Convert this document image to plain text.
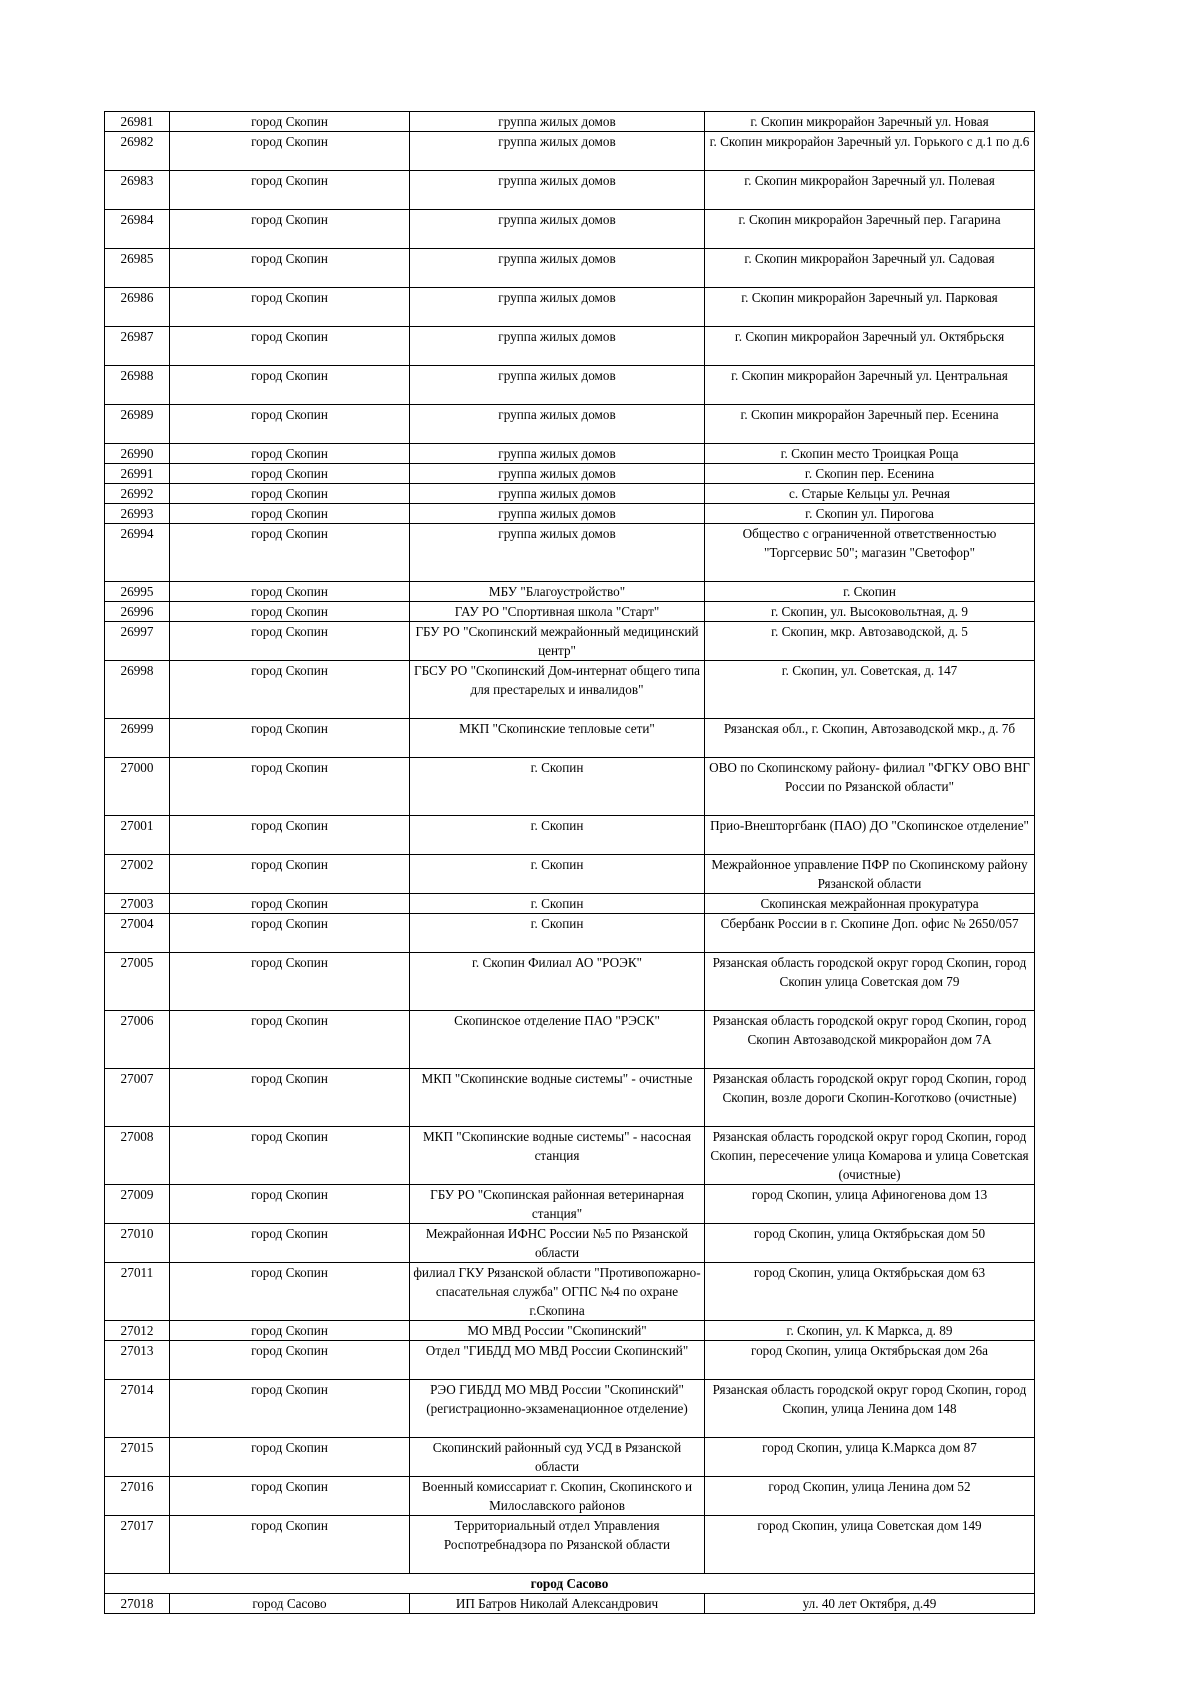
26981	город Скопин	группа жилых домов	г. Скопин микрорайон Заречный ул. Новая
26982	город Скопин	группа жилых домов	г. Скопин микрорайон Заречный ул. Горького с д.1 по д.6
26983	город Скопин	группа жилых домов	г. Скопин микрорайон Заречный ул. Полевая
26984	город Скопин	группа жилых домов	г. Скопин микрорайон Заречный пер. Гагарина
26985	город Скопин	группа жилых домов	г. Скопин микрорайон Заречный ул. Садовая
26986	город Скопин	группа жилых домов	г. Скопин микрорайон Заречный ул. Парковая
26987	город Скопин	группа жилых домов	г. Скопин микрорайон Заречный ул. Октябрьскя
26988	город Скопин	группа жилых домов	г. Скопин микрорайон Заречный ул. Центральная
26989	город Скопин	группа жилых домов	г. Скопин микрорайон Заречный пер. Есенина
26990	город Скопин	группа жилых домов	г. Скопин место Троицкая Роща
26991	город Скопин	группа жилых домов	г. Скопин пер. Есенина
26992	город Скопин	группа жилых домов	с. Старые Кельцы ул. Речная
26993	город Скопин	группа жилых домов	г. Скопин ул. Пирогова
26994	город Скопин	группа жилых домов	Общество с ограниченной ответственностью "Торгсервис 50"; магазин "Светофор"
26995	город Скопин	МБУ "Благоустройство"	г. Скопин
26996	город Скопин	ГАУ РО "Спортивная школа "Старт"	г. Скопин, ул. Высоковольтная, д. 9
26997	город Скопин	ГБУ РО "Скопинский межрайонный медицинский центр"	г. Скопин, мкр. Автозаводской, д. 5
26998	город Скопин	ГБСУ РО "Скопинский Дом-интернат общего типа для престарелых и инвалидов"	г. Скопин, ул. Советская, д. 147
26999	город Скопин	МКП "Скопинские тепловые сети"	Рязанская обл., г. Скопин, Автозаводской мкр., д. 7б
27000	город Скопин	г. Скопин	ОВО по Скопинскому району- филиал "ФГКУ ОВО ВНГ России по Рязанской области"
27001	город Скопин	г. Скопин	Прио-Внешторгбанк (ПАО) ДО "Скопинское отделение"
27002	город Скопин	г. Скопин	Межрайонное управление ПФР по Скопинскому району Рязанской области
27003	город Скопин	г. Скопин	Скопинская межрайонная прокуратура
27004	город Скопин	г. Скопин	Сбербанк России в г. Скопине Доп. офис № 2650/057
27005	город Скопин	г. Скопин Филиал АО "РОЭК"	Рязанская область городской округ город Скопин, город Скопин улица Советская дом 79
27006	город Скопин	Скопинское отделение ПАО "РЭСК"	Рязанская область городской округ город Скопин, город Скопин Автозаводской микрорайон дом 7А
27007	город Скопин	МКП "Скопинские водные системы" - очистные	Рязанская область городской округ город Скопин, город Скопин, возле дороги Скопин-Коготково (очистные)
27008	город Скопин	МКП "Скопинские водные системы" - насосная станция	Рязанская область городской округ город Скопин, город Скопин, пересечение улица Комарова и улица Советская (очистные)
27009	город Скопин	ГБУ РО "Скопинская районная ветеринарная станция"	город Скопин, улица Афиногенова дом 13
27010	город Скопин	Межрайонная ИФНС России №5 по Рязанской области	город Скопин, улица Октябрьская дом 50
27011	город Скопин	филиал ГКУ Рязанской области "Противопожарно-спасательная служба" ОГПС №4 по охране г.Скопина	город Скопин, улица Октябрьская дом 63
27012	город Скопин	МО МВД России "Скопинский"	г. Скопин, ул. К Маркса, д. 89
27013	город Скопин	Отдел "ГИБДД МО МВД России Скопинский"	город Скопин, улица Октябрьская дом 26а
27014	город Скопин	РЭО ГИБДД МО МВД России "Скопинский" (регистрационно-экзаменационное отделение)	Рязанская область городской округ город Скопин, город Скопин, улица Ленина дом 148
27015	город Скопин	Скопинский районный суд УСД в Рязанской области	город Скопин, улица К.Маркса дом 87
27016	город Скопин	Военный комиссариат г. Скопин, Скопинского и Милославского районов	город Скопин, улица Ленина дом 52
27017	город Скопин	Территориальный отдел Управления Роспотребнадзора по Рязанской области	город Скопин, улица Советская дом 149
город Сасово			
27018	город Сасово	ИП Батров Николай Александрович	ул. 40 лет Октября, д.49
